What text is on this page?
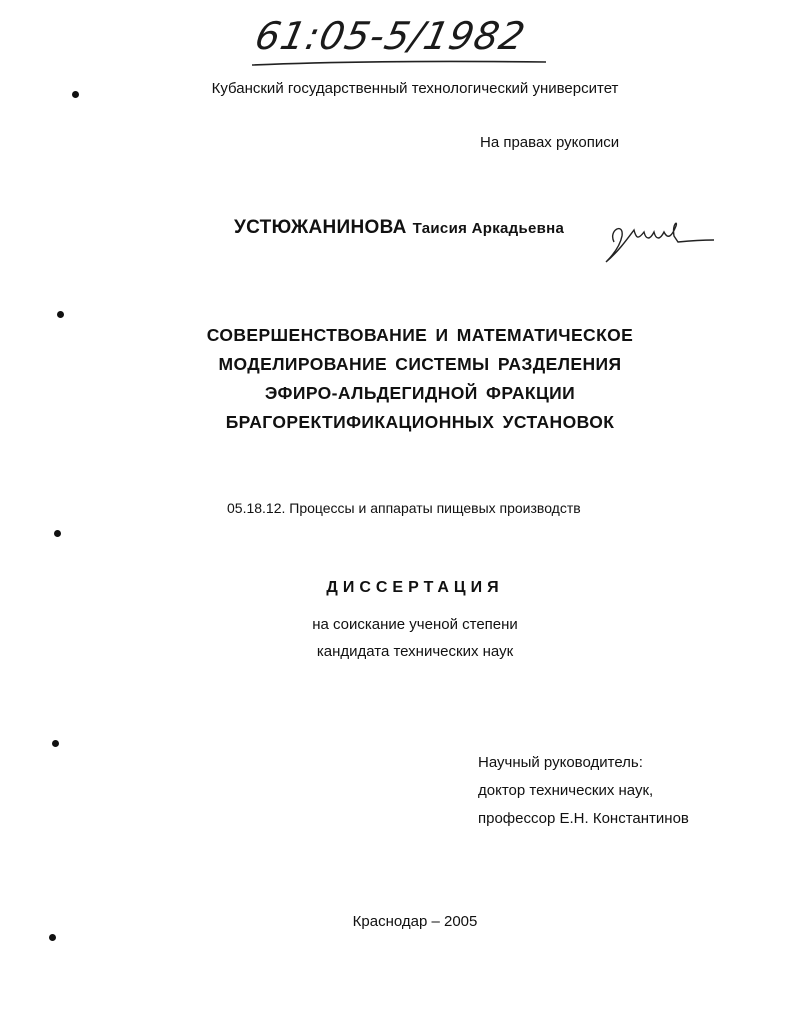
61:05-5/1982
Кубанский государственный технологический университет
На правах рукописи
УСТЮЖАНИНОВА Таисия Аркадьевна
СОВЕРШЕНСТВОВАНИЕ И МАТЕМАТИЧЕСКОЕ
МОДЕЛИРОВАНИЕ СИСТЕМЫ РАЗДЕЛЕНИЯ
ЭФИРО-АЛЬДЕГИДНОЙ ФРАКЦИИ
БРАГОРЕКТИФИКАЦИОННЫХ УСТАНОВОК
05.18.12. Процессы и аппараты пищевых производств
ДИССЕРТАЦИЯ
на соискание ученой степени
кандидата технических наук
Научный руководитель:
доктор технических наук,
профессор Е.Н. Константинов
Краснодар – 2005
